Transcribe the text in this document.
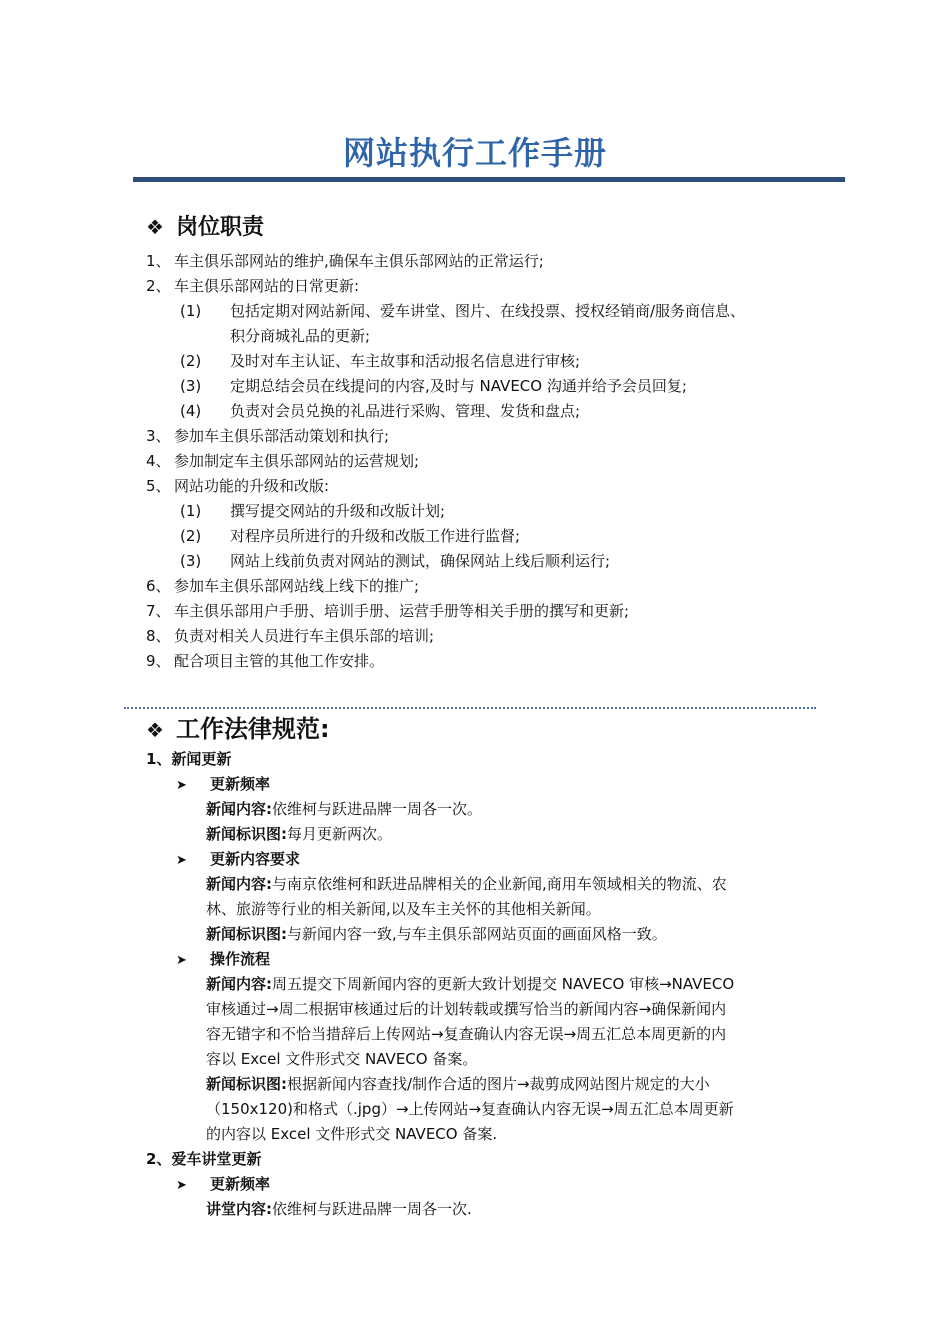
网站执行工作手册
❖ 岗位职责
1、 车主俱乐部网站的维护,确保车主俱乐部网站的正常运行;
2、 车主俱乐部网站的日常更新:
(1) 包括定期对网站新闻、爱车讲堂、图片、在线投票、授权经销商/服务商信息、
积分商城礼品的更新;
(2) 及时对车主认证、车主故事和活动报名信息进行审核;
(3) 定期总结会员在线提问的内容,及时与 NAVECO 沟通并给予会员回复;
(4) 负责对会员兑换的礼品进行采购、管理、发货和盘点;
3、 参加车主俱乐部活动策划和执行;
4、 参加制定车主俱乐部网站的运营规划;
5、 网站功能的升级和改版:
(1) 撰写提交网站的升级和改版计划;
(2) 对程序员所进行的升级和改版工作进行监督;
(3) 网站上线前负责对网站的测试，确保网站上线后顺利运行;
6、 参加车主俱乐部网站线上线下的推广;
7、 车主俱乐部用户手册、培训手册、运营手册等相关手册的撰写和更新;
8、 负责对相关人员进行车主俱乐部的培训;
9、 配合项目主管的其他工作安排。
❖ 工作法律规范:
1、新闻更新
➤ 更新频率
新闻内容:依维柯与跃进品牌一周各一次。
新闻标识图:每月更新两次。
➤ 更新内容要求
新闻内容:与南京依维柯和跃进品牌相关的企业新闻,商用车领域相关的物流、农
林、旅游等行业的相关新闻,以及车主关怀的其他相关新闻。
新闻标识图:与新闻内容一致,与车主俱乐部网站页面的画面风格一致。
➤ 操作流程
新闻内容:周五提交下周新闻内容的更新大致计划提交 NAVECO 审核→NAVECO
审核通过→周二根据审核通过后的计划转载或撰写恰当的新闻内容→确保新闻内
容无错字和不恰当措辞后上传网站→复查确认内容无误→周五汇总本周更新的内
容以 Excel 文件形式交 NAVECO 备案。
新闻标识图:根据新闻内容查找/制作合适的图片→裁剪成网站图片规定的大小
（150x120)和格式（.jpg）→上传网站→复查确认内容无误→周五汇总本周更新
的内容以 Excel 文件形式交 NAVECO 备案.
2、爱车讲堂更新
➤ 更新频率
讲堂内容:依维柯与跃进品牌一周各一次.
